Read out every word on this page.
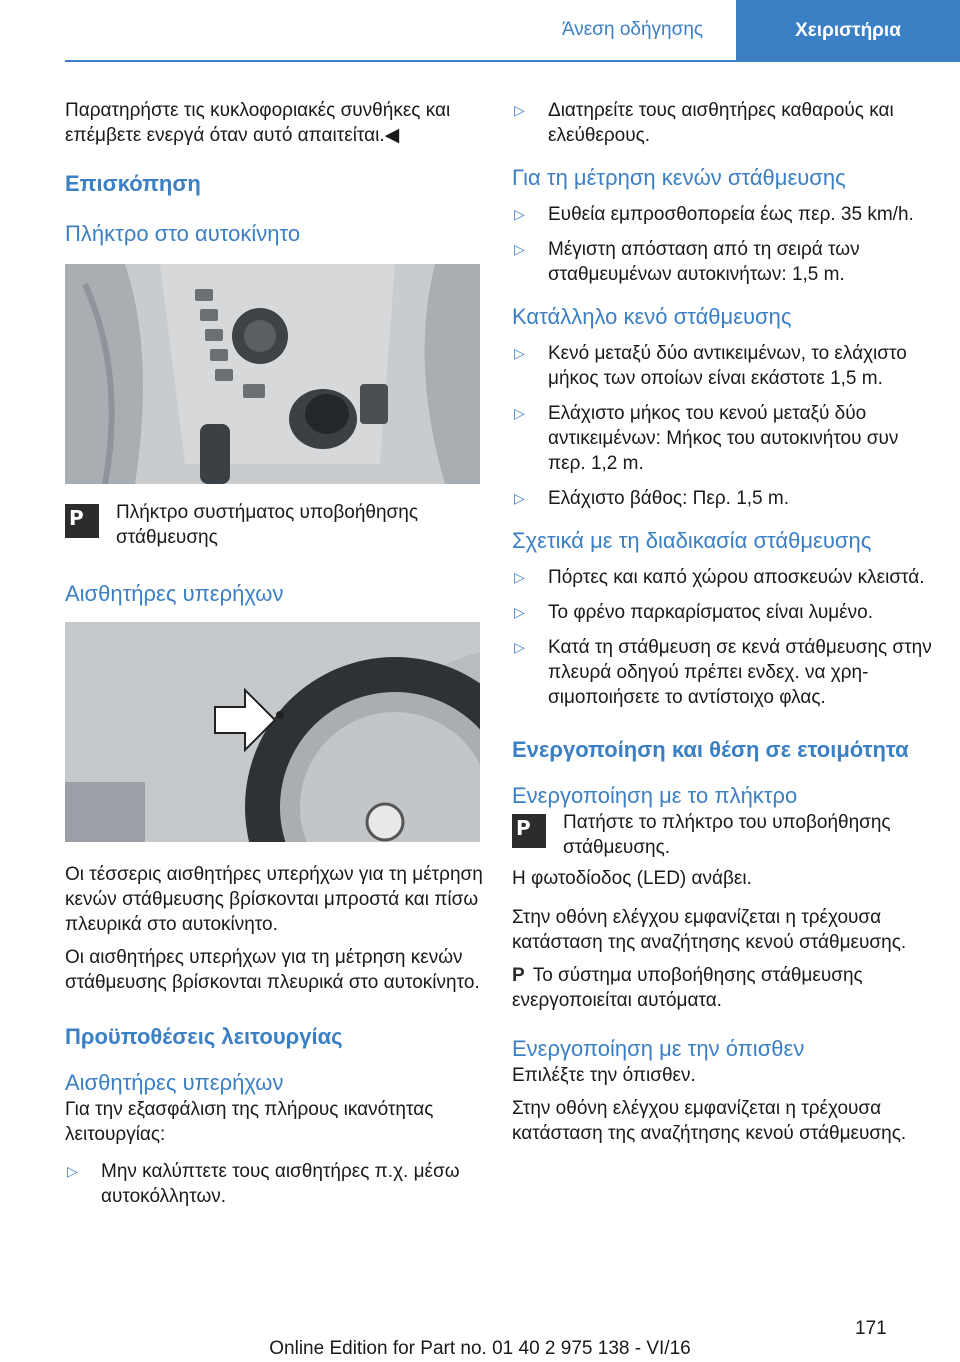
Άνεση οδήγησης	Χειριστήρια

Παρατηρήστε τις κυκλοφοριακές συνθήκες και επέμβετε ενεργά όταν αυτό απαιτείται.◀

Επισκόπηση
Πλήκτρο στο αυτοκίνητο
P Πλήκτρο συστήματος υποβοήθησης στάθμευσης

Αισθητήρες υπερήχων

Οι τέσσερις αισθητήρες υπερήχων για τη μέτρηση κενών στάθμευσης βρίσκονται μπροστά και πίσω πλευρικά στο αυτοκίνητο.

Οι αισθητήρες υπερήχων για τη μέτρηση κενών στάθμευσης βρίσκονται πλευρικά στο αυτοκίνητο.

Προϋποθέσεις λειτουργίας
Αισθητήρες υπερήχων

Για την εξασφάλιση της πλήρους ικανότητας λειτουργίας:

▷ Μην καλύπτετε τους αισθητήρες π.χ. μέσω αυτοκόλλητων.
▷ Διατηρείτε τους αισθητήρες καθαρούς και ελεύθερους.
Για τη μέτρηση κενών στάθμευσης
▷ Ευθεία εμπροσθοπορεία έως περ. 35 km/h.
▷ Μέγιστη απόσταση από τη σειρά των σταθμευμένων αυτοκινήτων: 1,5 m.
Κατάλληλο κενό στάθμευσης
▷ Κενό μεταξύ δύο αντικειμένων, το ελάχιστο μήκος των οποίων είναι εκάστοτε 1,5 m.
▷ Ελάχιστο μήκος του κενού μεταξύ δύο αντικειμένων: Μήκος του αυτοκινήτου συν περ. 1,2 m.
▷ Ελάχιστο βάθος: Περ. 1,5 m.
Σχετικά με τη διαδικασία στάθμευσης
▷ Πόρτες και καπό χώρου αποσκευών κλειστά.
▷ Το φρένο παρκαρίσματος είναι λυμένο.
▷ Κατά τη στάθμευση σε κενά στάθμευσης στην πλευρά οδηγού πρέπει ενδεχ. να χρησιμοποιήσετε το αντίστοιχο φλας.
Ενεργοποίηση και θέση σε ετοιμότητα
Ενεργοποίηση με το πλήκτρο
P Πατήστε το πλήκτρο του υποβοήθησης στάθμευσης.

Η φωτοδίοδος (LED) ανάβει.

Στην οθόνη ελέγχου εμφανίζεται η τρέχουσα κατάσταση της αναζήτησης κενού στάθμευσης.

P Το σύστημα υποβοήθησης στάθμευσης ενεργοποιείται αυτόματα.

Ενεργοποίηση με την όπισθεν

Επιλέξτε την όπισθεν.

Στην οθόνη ελέγχου εμφανίζεται η τρέχουσα κατάσταση της αναζήτησης κενού στάθμευσης.

171
Online Edition for Part no. 01 40 2 975 138 - VI/16
